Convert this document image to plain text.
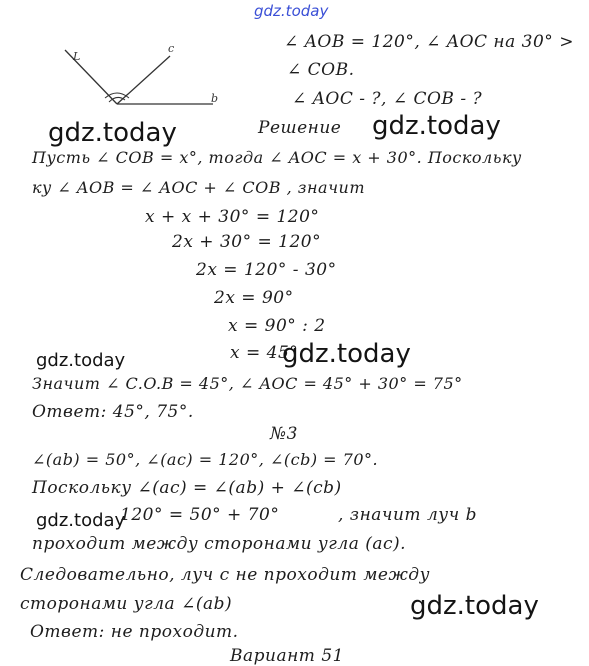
gdz.today
L
c
b
∠ AOB = 120°, ∠ AOC на 30° >
∠ COB.
∠ AOC - ?, ∠ COB - ?
Решение
Пусть ∠ COB = x°, тогда ∠ AOC = x + 30°. Поскольку
ку ∠ AOB = ∠ AOC + ∠ COB , значит
x + x + 30° = 120°
2x + 30° = 120°
2x = 120° - 30°
2x = 90°
x = 90° : 2
x = 45°
Значит ∠ C.O.B = 45°, ∠ AOC = 45° + 30° = 75°
Ответ: 45°, 75°.
№3
∠(ab) = 50°, ∠(ac) = 120°, ∠(cb) = 70°.
Поскольку ∠(ac) = ∠(ab) + ∠(cb)
120° = 50° + 70°	, значит луч b
проходит между сторонами угла (ac).
Следовательно, луч c не проходит между
сторонами угла ∠(ab)
Ответ: не проходит.
Вариант 51
gdz.today	gdz.today
gdz.today	gdz.today
gdz.today
gdz.today
